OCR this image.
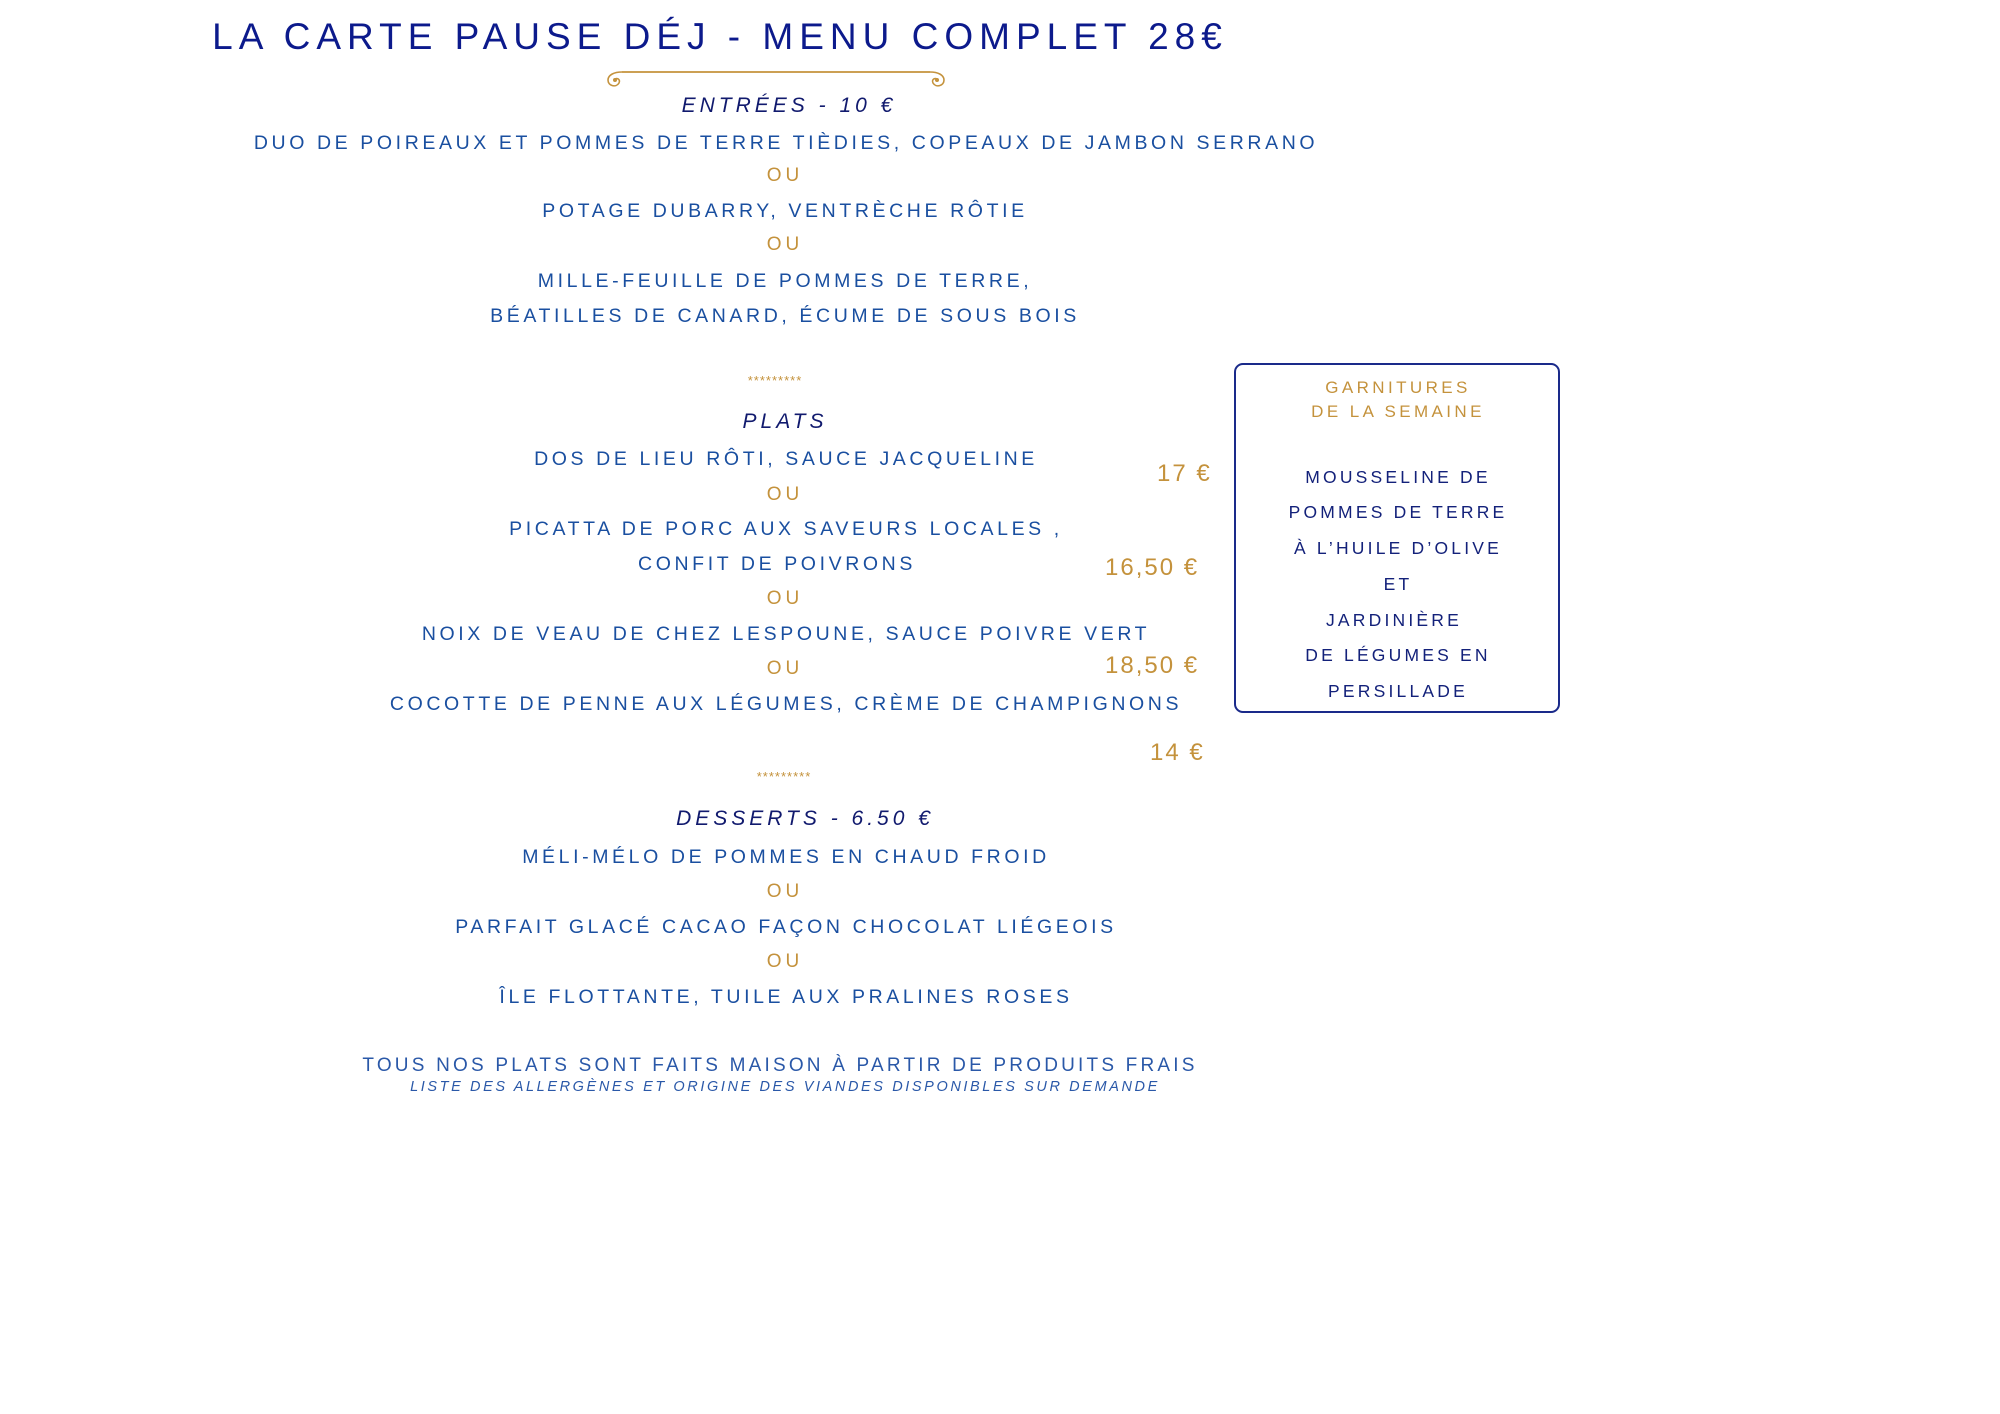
LA CARTE PAUSE DÉJ - MENU COMPLET 28€
ENTRÉES - 10 €
DUO DE POIREAUX ET POMMES DE TERRE TIÈDIES, COPEAUX DE JAMBON SERRANO
OU
POTAGE DUBARRY, VENTRÈCHE RÔTIE
OU
MILLE-FEUILLE DE POMMES DE TERRE,
BÉATILLES DE CANARD, ÉCUME DE SOUS BOIS
*********
PLATS
DOS DE LIEU RÔTI, SAUCE JACQUELINE
OU
PICATTA DE PORC AUX SAVEURS LOCALES ,
CONFIT DE POIVRONS
OU
NOIX DE VEAU DE CHEZ LESPOUNE, SAUCE POIVRE VERT
OU
COCOTTE DE PENNE AUX LÉGUMES, CRÈME DE CHAMPIGNONS
17 €
16,50 €
18,50 €
14 €
*********
DESSERTS - 6.50 €
MÉLI-MÉLO DE POMMES EN CHAUD FROID
OU
PARFAIT GLACÉ CACAO FAÇON CHOCOLAT LIÉGEOIS
OU
ÎLE FLOTTANTE, TUILE AUX PRALINES ROSES
TOUS NOS PLATS SONT FAITS MAISON À PARTIR DE PRODUITS FRAIS
LISTE DES ALLERGÈNES ET ORIGINE DES VIANDES DISPONIBLES SUR DEMANDE
GARNITURES
DE LA SEMAINE
MOUSSELINE DE
POMMES DE TERRE
À L’HUILE D’OLIVE
ET
JARDINIÈRE
DE LÉGUMES EN
PERSILLADE
